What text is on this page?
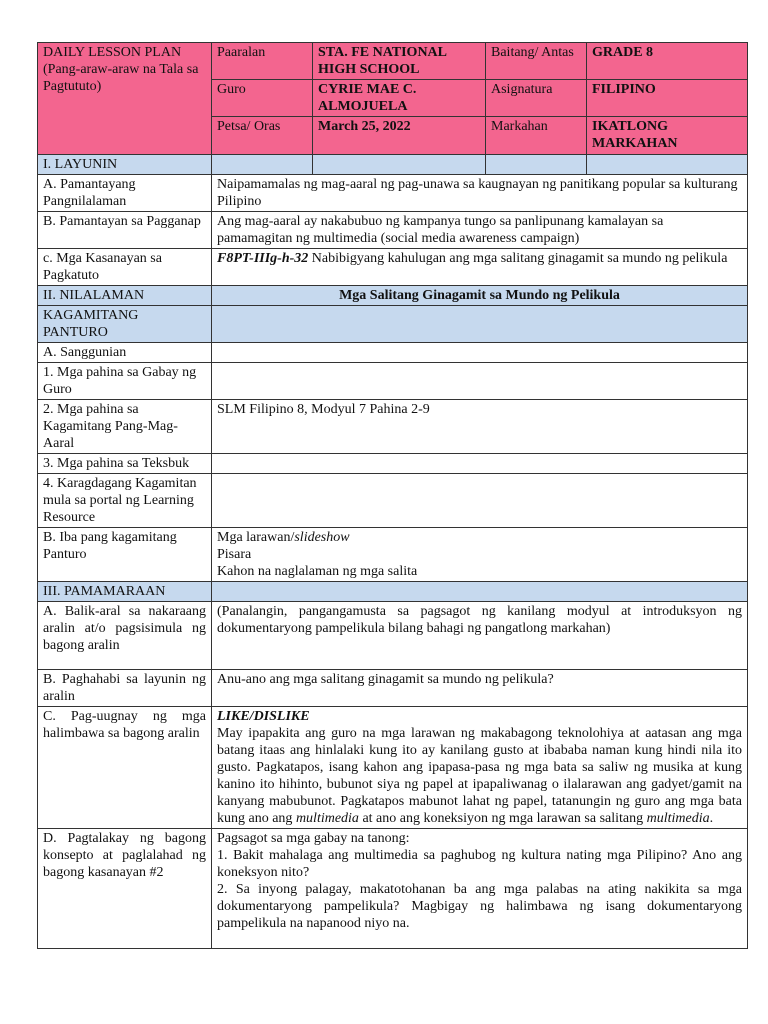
DAILY LESSON PLAN (Pang-araw-araw na Tala sa Pagtututo)	Paaralan	STA. FE NATIONAL HIGH SCHOOL	Baitang/ Antas	GRADE 8
	Guro	CYRIE MAE C. ALMOJUELA	Asignatura	FILIPINO
	Petsa/ Oras	March 25, 2022	Markahan	IKATLONG MARKAHAN
I. LAYUNIN				
A. Pamantayang Pangnilalaman	Naipamamalas ng mag-aaral ng pag-unawa sa kaugnayan ng panitikang popular sa kulturang Pilipino			
B. Pamantayan sa Pagganap	Ang mag-aaral ay nakabubuo ng kampanya tungo sa panlipunang kamalayan sa pamamagitan ng multimedia (social media awareness campaign)			
c. Mga Kasanayan sa Pagkatuto	F8PT-IIIg-h-32 Nabibigyang kahulugan ang mga salitang ginagamit sa mundo ng pelikula			
II. NILALAMAN	Mga Salitang Ginagamit sa Mundo ng Pelikula			
KAGAMITANG PANTURO				
A. Sanggunian				
1. Mga pahina sa Gabay ng Guro				
2. Mga pahina sa Kagamitang Pang-Mag-Aaral	SLM Filipino 8, Modyul 7 Pahina 2-9			
3. Mga pahina sa Teksbuk				
4. Karagdagang Kagamitan mula sa portal ng Learning Resource				
B. Iba pang kagamitang Panturo	Mga larawan/slideshow
Pisara
Kahon na naglalaman ng mga salita			
III. PAMAMARAAN				
A. Balik-aral sa nakaraang aralin at/o pagsisimula ng bagong aralin	(Panalangin, pangangamusta sa pagsagot ng kanilang modyul at introduksyon ng dokumentaryong pampelikula bilang bahagi ng pangatlong markahan)			
B. Paghahabi sa layunin ng aralin	Anu-ano ang mga salitang ginagamit sa mundo ng pelikula?			
C. Pag-uugnay ng mga halimbawa sa bagong aralin	LIKE/DISLIKE
May ipapakita ang guro na mga larawan ng makabagong teknolohiya at aatasan ang mga batang itaas ang hinlalaki kung ito ay kanilang gusto at ibababa naman kung hindi nila ito gusto. Pagkatapos, isang kahon ang ipapasa-pasa ng mga bata sa saliw ng musika at kung kanino ito hihinto, bubunot siya ng papel at ipapaliwanag o ilalarawan ang gadyet/gamit na kanyang mabubunot. Pagkatapos mabunot lahat ng papel, tatanungin ng guro ang mga bata kung ano ang multimedia at ano ang koneksiyon ng mga larawan sa salitang multimedia.			
D. Pagtalakay ng bagong konsepto at paglalahad ng bagong kasanayan #2	Pagsagot sa mga gabay na tanong:
1. Bakit mahalaga ang multimedia sa paghubog ng kultura nating mga Pilipino? Ano ang koneksyon nito?
2. Sa inyong palagay, makatotohanan ba ang mga palabas na ating nakikita sa mga dokumentaryong pampelikula? Magbigay ng halimbawa ng isang dokumentaryong pampelikula na napanood niyo na.			
